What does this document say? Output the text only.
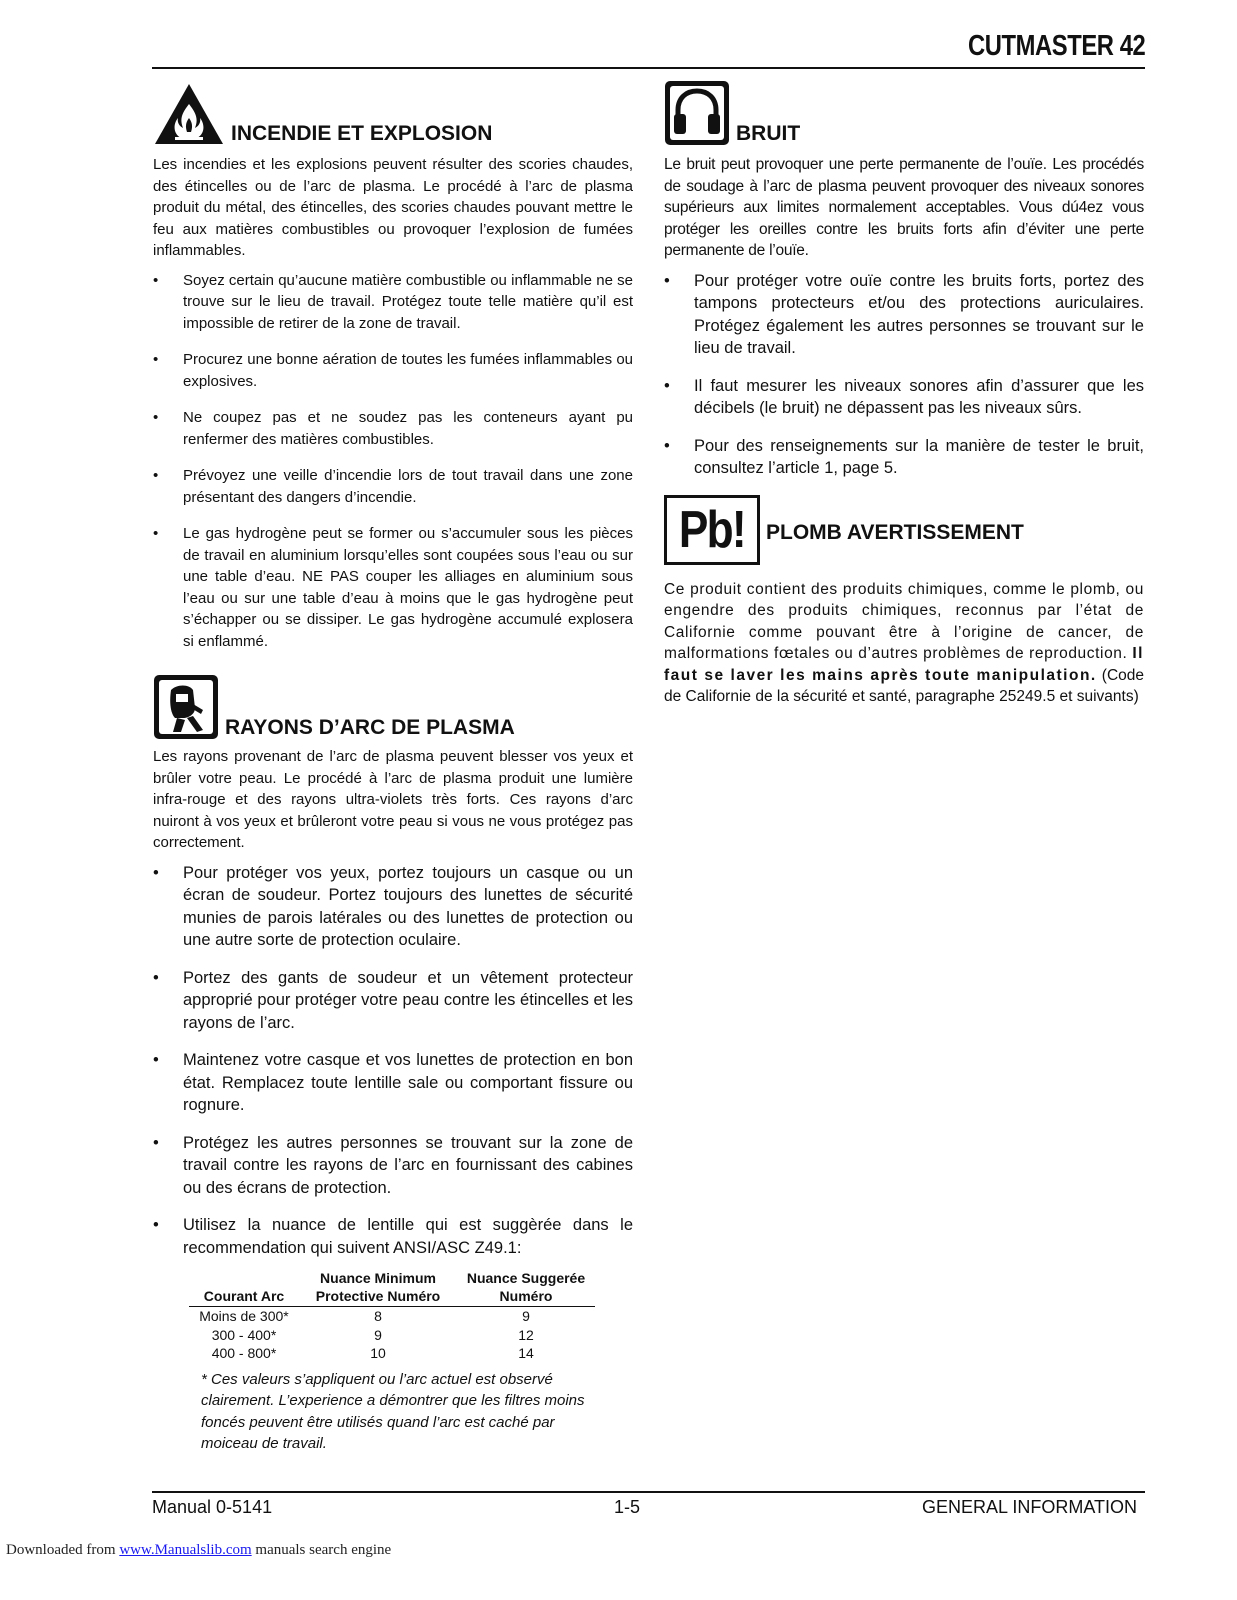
CUTMASTER 42
INCENDIE ET EXPLOSION

Les incendies et les explosions peuvent résulter des scories chaudes, des étincelles ou de l’arc de plasma. Le procédé à l’arc de plasma produit du métal, des étincelles, des scories chaudes pouvant mettre le feu aux matières combustibles ou provoquer l’explosion de fumées inflammables.

• Soyez certain qu’aucune matière combustible ou inflammable ne se trouve sur le lieu de travail. Protégez toute telle matière qu’il est impossible de retirer de la zone de travail.
• Procurez une bonne aération de toutes les fumées inflammables ou explosives.
• Ne coupez pas et ne soudez pas les conteneurs ayant pu renfermer des matières combustibles.
• Prévoyez une veille d’incendie lors de tout travail dans une zone présentant des dangers d’incendie.
• Le gas hydrogène peut se former ou s’accumuler sous les pièces de travail en aluminium lorsqu’elles sont coupées sous l’eau ou sur une table d’eau. NE PAS couper les alliages en aluminium sous l’eau ou sur une table d’eau à moins que le gas hydrogène peut s’échapper ou se dissiper. Le gas hydrogène accumulé explosera si enflammé.
RAYONS D’ARC DE PLASMA

Les rayons provenant de l’arc de plasma peuvent blesser vos yeux et brûler votre peau. Le procédé à l’arc de plasma produit une lumière infra-rouge et des rayons ultra-violets très forts. Ces rayons d’arc nuiront à vos yeux et brûleront votre peau si vous ne vous protégez pas correctement.

• Pour protéger vos yeux, portez toujours un casque ou un écran de soudeur. Portez toujours des lunettes de sécurité munies de parois latérales ou des lunettes de protection ou une autre sorte de protection oculaire.
• Portez des gants de soudeur et un vêtement protecteur approprié pour protéger votre peau contre les étincelles et les rayons de l’arc.
• Maintenez votre casque et vos lunettes de protection en bon état. Remplacez toute lentille sale ou comportant fissure ou rognure.
• Protégez les autres personnes se trouvant sur la zone de travail contre les rayons de l’arc en fournissant des cabines ou des écrans de protection.
• Utilisez la nuance de lentille qui est suggèrée dans le recommendation qui suivent ANSI/ASC Z49.1:
Courant Arc	Nuance Minimum Protective Numéro	Nuance Suggerée Numéro
Moins de 300*	8	9
300 - 400*	9	12
400 - 800*	10	14

* Ces valeurs s’appliquent ou l’arc actuel est observé clairement. L’experience a démontrer que les filtres moins foncés peuvent être utilisés quand l’arc est caché par moiceau de travail.

BRUIT

Le bruit peut provoquer une perte permanente de l’ouïe. Les procédés de soudage à l’arc de plasma peuvent provoquer des niveaux sonores supérieurs aux limites normalement acceptables. Vous dú4ez vous protéger les oreilles contre les bruits forts afin d’éviter une perte permanente de l’ouïe.

• Pour protéger votre ouïe contre les bruits forts, portez des tampons protecteurs et/ou des protections auriculaires. Protégez également les autres personnes se trouvant sur le lieu de travail.
• Il faut mesurer les niveaux sonores afin d’assurer que les décibels (le bruit) ne dépassent pas les niveaux sûrs.
• Pour des renseignements sur la manière de tester le bruit, consultez l’article 1, page 5.
Pb! PLOMB AVERTISSEMENT

Ce produit contient des produits chimiques, comme le plomb, ou engendre des produits chimiques, reconnus par l’état de Californie comme pouvant être à l’origine de cancer, de malformations fœtales ou d’autres problèmes de reproduction. Il faut se laver les mains après toute manipulation. (Code de Californie de la sécurité et santé, paragraphe 25249.5 et suivants)

Manual 0-5141	1-5	GENERAL INFORMATION
Downloaded from www.Manualslib.com manuals search engine
